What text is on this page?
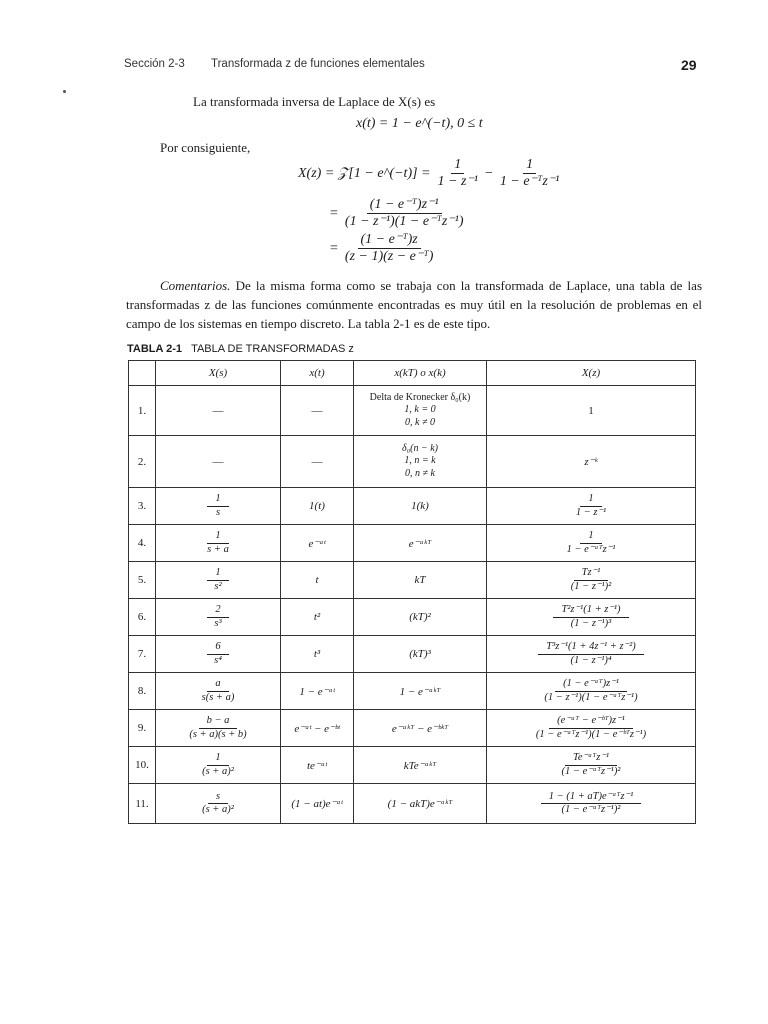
Sección 2-3 Transformada z de funciones elementales	29
La transformada inversa de Laplace de X(s) es
x(t) = 1 − e^(−t), 0 ≤ t
Por consiguiente,
X(z) = 𝒵[1 − e^(−t)] = $\frac{1}{\text{1 − z⁻¹}} - \frac{1}{\text{1 − e⁻ᵀz⁻¹}}$
= $\frac{\text{(1 − e⁻ᵀ)z⁻¹}}{\text{(1 − z⁻¹)(1 − e⁻ᵀz⁻¹)}}$
= $\frac{\text{(1 − e⁻ᵀ)z}}{\text{(z − 1)(z − e⁻ᵀ)}}$

Comentarios. De la misma forma como se trabaja con la transformada de Laplace, una tabla de las transformadas z de las funciones comúnmente encontradas es muy útil en la resolución de problemas en el campo de los sistemas en tiempo discreto. La tabla 2-1 es de este tipo.

TABLA 2-1 TABLA DE TRANSFORMADAS z
	X(s)	x(t)	x(kT) o x(k)	X(z)
1.	—	—	Delta de Kronecker δ₀(k)
1, k = 0
0, k ≠ 0	1
2.	—	—	δ₀(n − k)
1, n = k
0, n ≠ k	z⁻ᵏ
3.	$\frac{1}{s}$	1(t)	1(k)	$\frac{1}{\text{1 − z⁻¹}}$

4.	$\frac{1}{s + a}$	e⁻ᵃᵗ	e⁻ᵃᵏᵀ	1
1 − e⁻ᵃᵀz⁻¹

5.	$\frac{1}{\text{s²}}$	t	kT	$\frac{\text{Tz⁻¹}}{\text{(1 − z⁻¹)²}}$

6.	$\frac{2}{\text{s³}}$	t²	(kT)²	$\frac{\text{T²z⁻¹(1 + z⁻¹)}}{\text{(1 − z⁻¹)³}}$

7.	$\frac{6}{\text{s⁴}}$	t³	(kT)³	$\frac{\text{T³z⁻¹(1 + 4z⁻¹ + z⁻²)}}{\text{(1 − z⁻¹)⁴}}$

8.	$\frac{a}{s(s + a)}$	1 − e⁻ᵃᵗ	1 − e⁻ᵃᵏᵀ	(1 − e⁻ᵃᵀ)z⁻¹
(1 − z⁻¹)(1 − e⁻ᵃᵀz⁻¹)

9.	$\frac{b - a}{(s + a)(s + b)}$	e⁻ᵃᵗ − e⁻ᵇᵗ	e⁻ᵃᵏᵀ − e⁻ᵇᵏᵀ	(e⁻ᵃᵀ − e⁻ᵇᵀ)z⁻¹
(1 − e⁻ᵃᵀz⁻¹)(1 − e⁻ᵇᵀz⁻¹)

10.	$\frac{1}{\text{(s + a)²}}$	te⁻ᵃᵗ	kTe⁻ᵃᵏᵀ	Te⁻ᵃᵀz⁻¹
(1 − e⁻ᵃᵀz⁻¹)²

11.	$\frac{s}{\text{(s + a)²}}$	(1 − at)e⁻ᵃᵗ	(1 − akT)e⁻ᵃᵏᵀ	1 − (1 + aT)e⁻ᵃᵀz⁻¹
(1 − e⁻ᵃᵀz⁻¹)²
